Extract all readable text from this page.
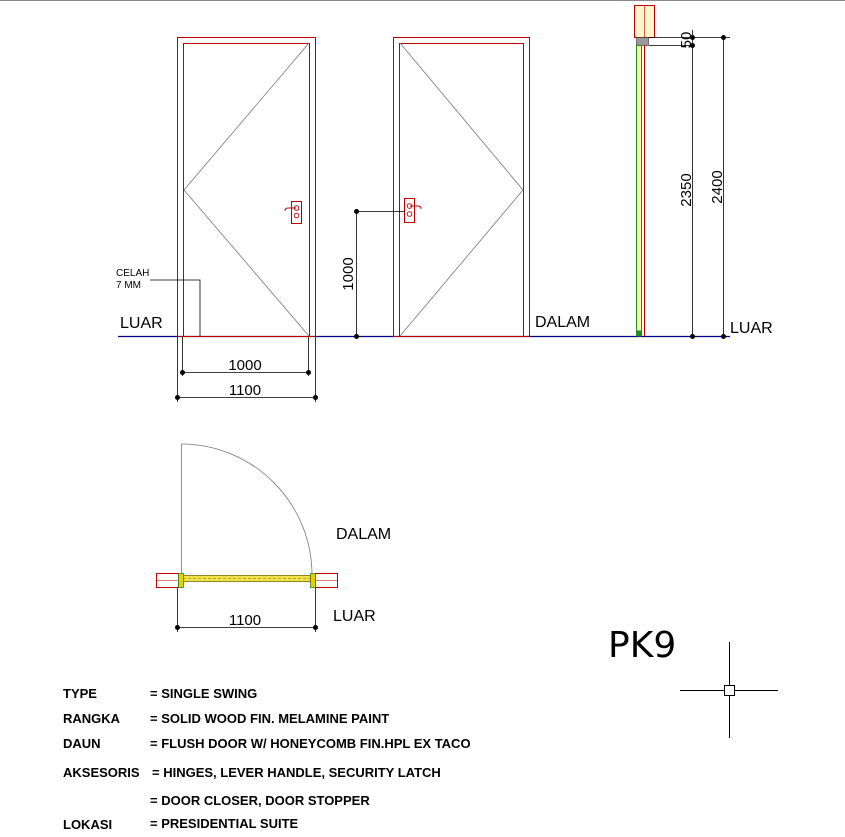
CELAH
7 MM
LUAR
1000
1100
1000
DALAM
50
2350 2400
LUAR
1100
DALAM
LUAR
PK9
TYPE	= SINGLE SWING
RANGKA = SOLID WOOD FIN. MELAMINE PAINT
DAUN	= FLUSH DOOR W/ HONEYCOMB FIN.HPL EX TACO
AKSESORIS = HINGES, LEVER HANDLE, SECURITY LATCH
= DOOR CLOSER, DOOR STOPPER
LOKASI	= PRESIDENTIAL SUITE
